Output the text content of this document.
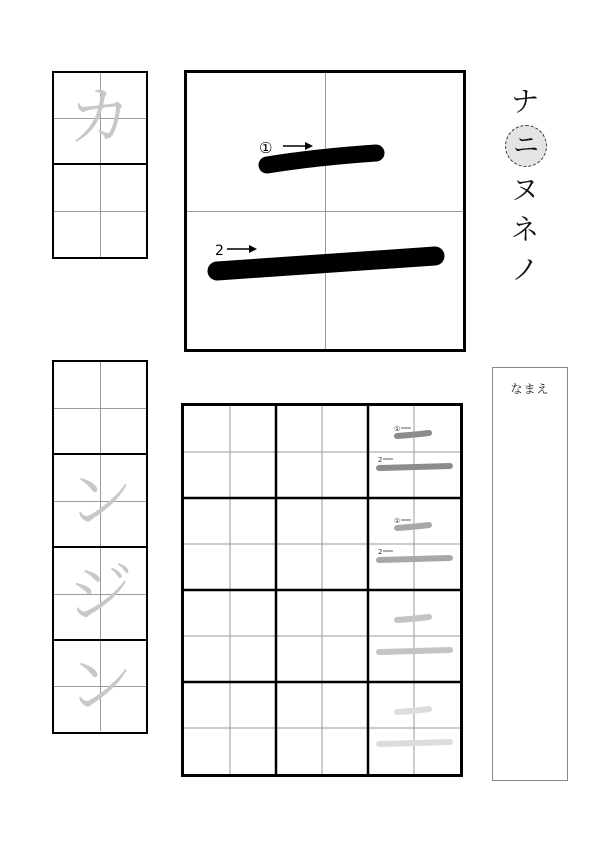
カ	①
2
ナ
ニ
ヌ
ネ
ノ
ン
ジ
ン
①
2
①
2
なまえ
